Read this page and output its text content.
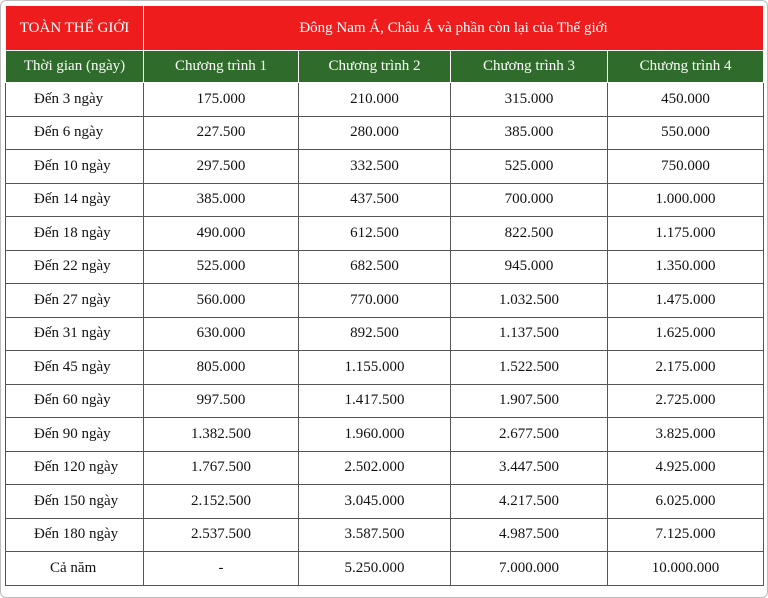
TOÀN THẾ GIỚI	Đông Nam Á, Châu Á và phần còn lại của Thế giới			
Thời gian (ngày)	Chương trình 1	Chương trình 2	Chương trình 3	Chương trình 4
Đến 3 ngày	175.000	210.000	315.000	450.000
Đến 6 ngày	227.500	280.000	385.000	550.000
Đến 10 ngày	297.500	332.500	525.000	750.000
Đến 14 ngày	385.000	437.500	700.000	1.000.000
Đến 18 ngày	490.000	612.500	822.500	1.175.000
Đến 22 ngày	525.000	682.500	945.000	1.350.000
Đến 27 ngày	560.000	770.000	1.032.500	1.475.000
Đến 31 ngày	630.000	892.500	1.137.500	1.625.000
Đến 45 ngày	805.000	1.155.000	1.522.500	2.175.000
Đến 60 ngày	997.500	1.417.500	1.907.500	2.725.000
Đến 90 ngày	1.382.500	1.960.000	2.677.500	3.825.000
Đến 120 ngày	1.767.500	2.502.000	3.447.500	4.925.000
Đến 150 ngày	2.152.500	3.045.000	4.217.500	6.025.000
Đến 180 ngày	2.537.500	3.587.500	4.987.500	7.125.000
Cả năm	-	5.250.000	7.000.000	10.000.000
